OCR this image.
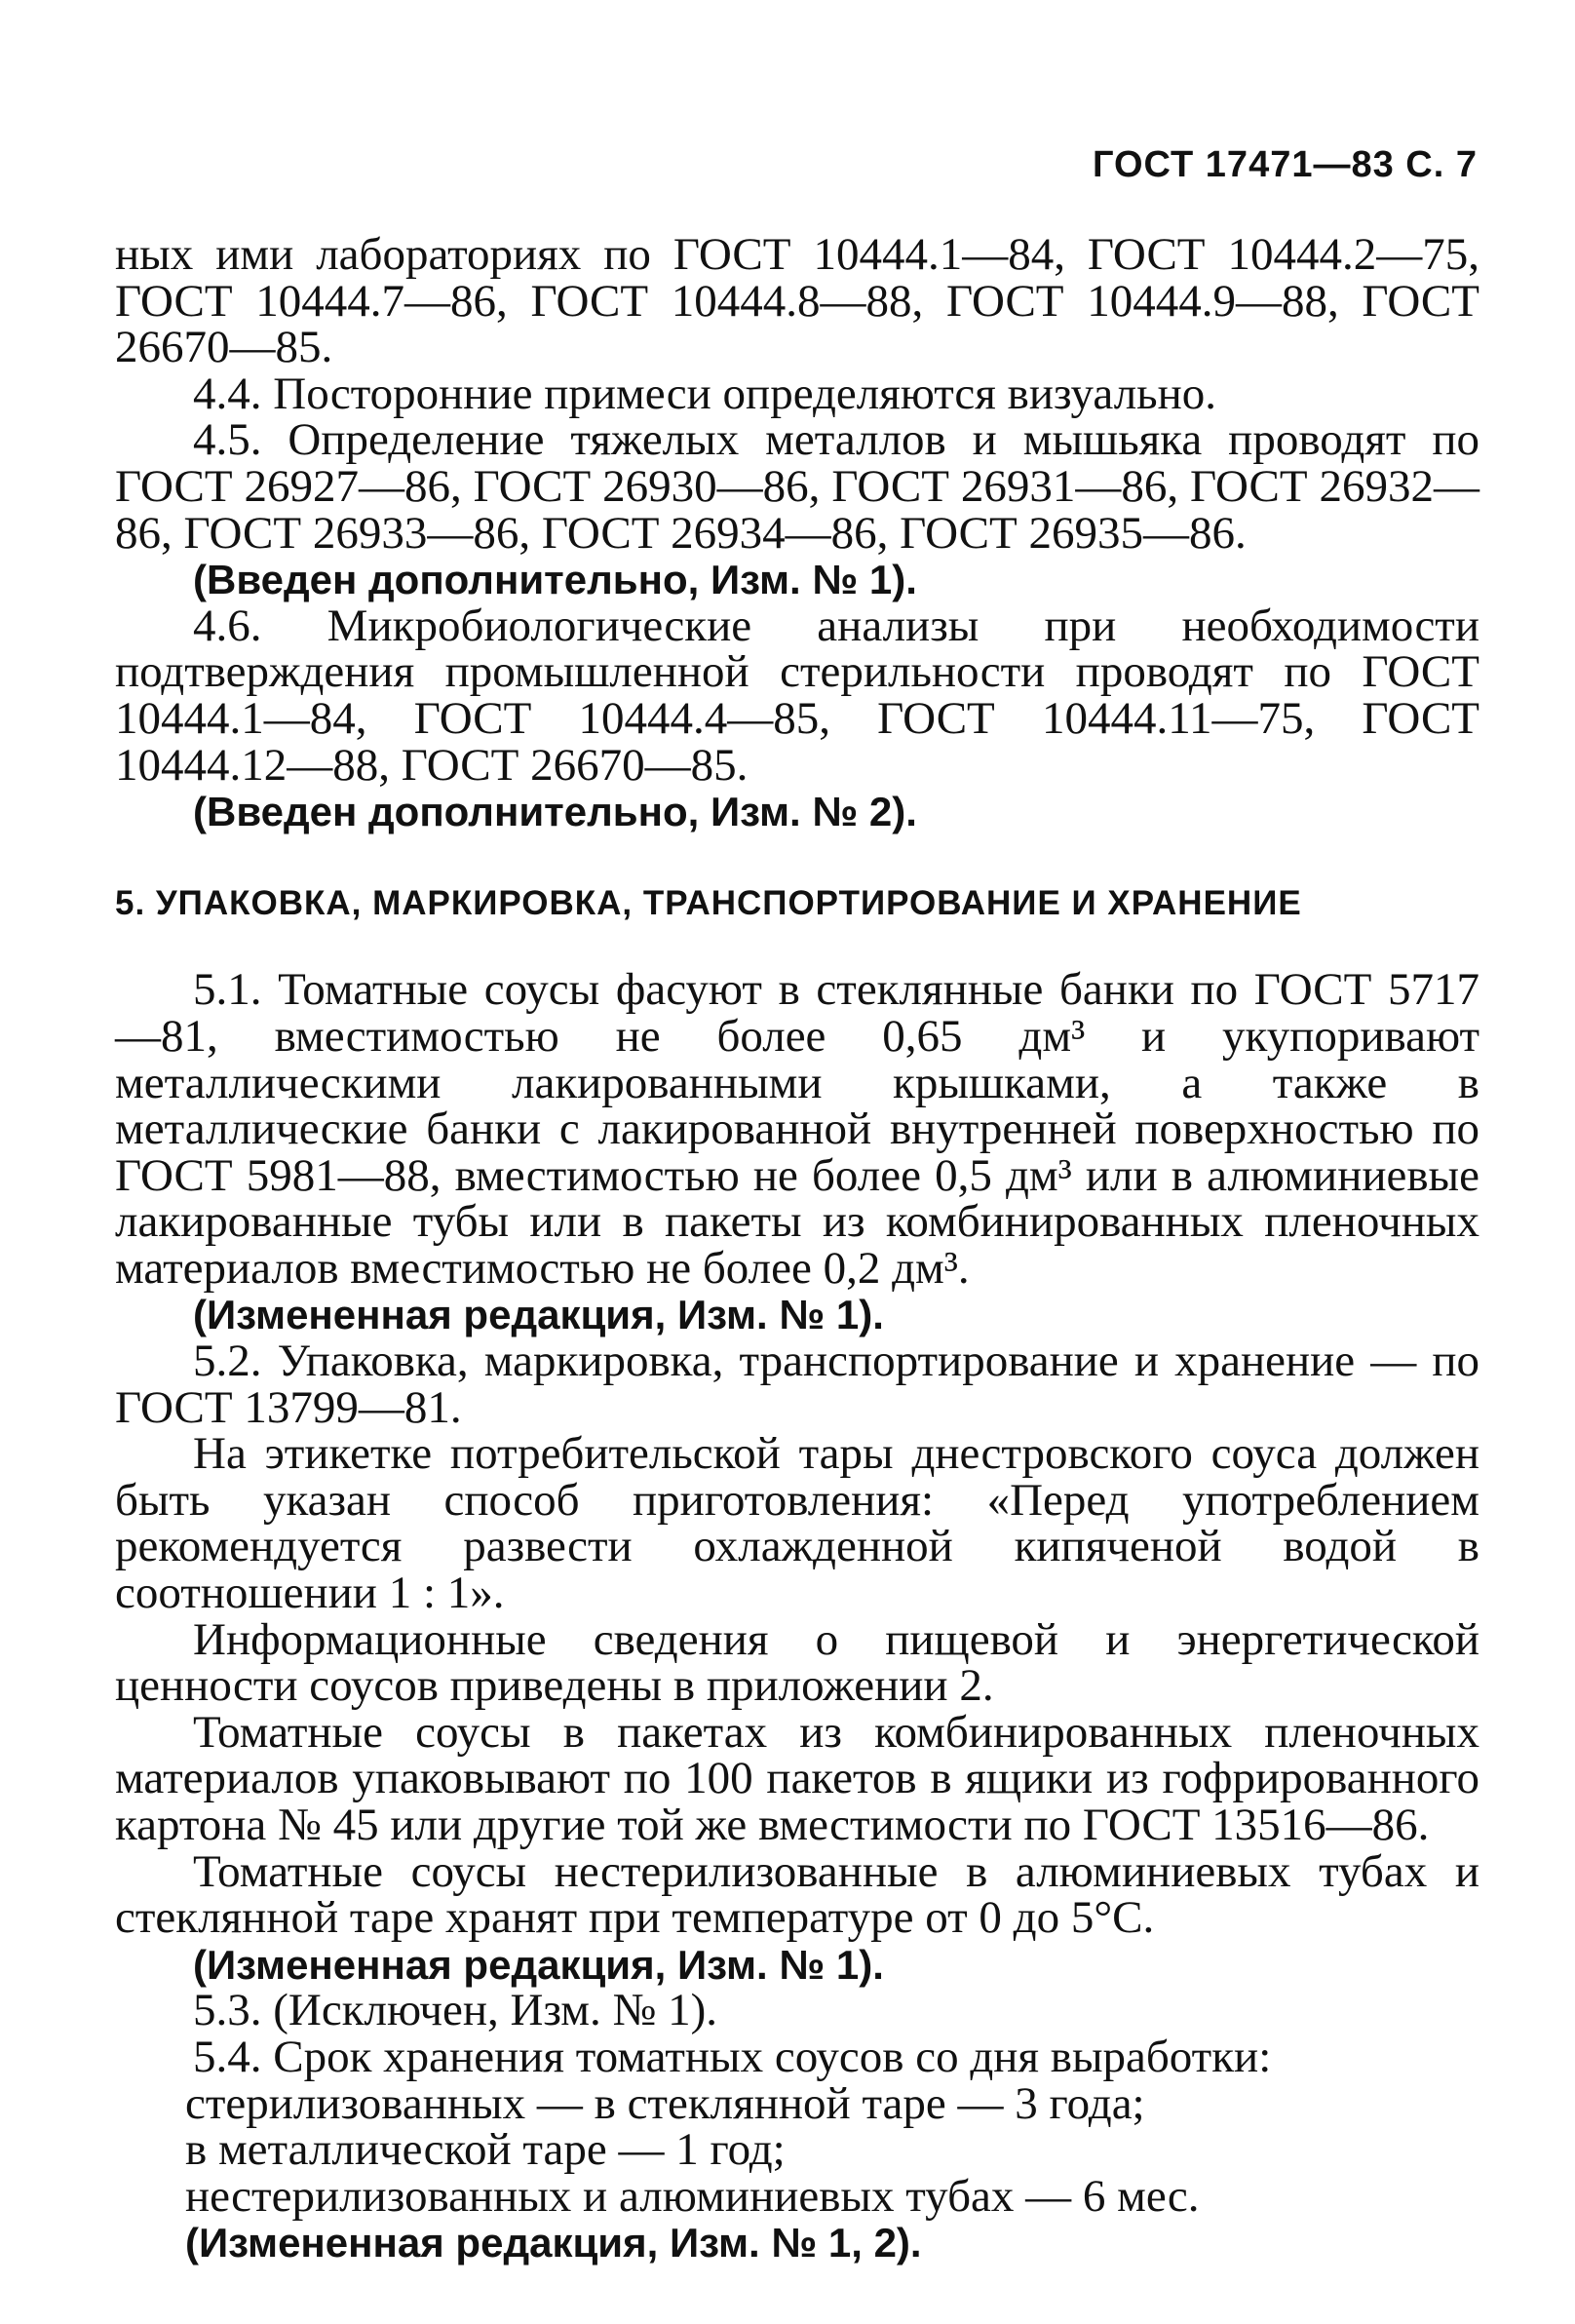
ГОСТ 17471—83 С. 7

ных ими лабораториях по ГОСТ 10444.1—84, ГОСТ 10444.2—75, ГОСТ 10444.7—86, ГОСТ 10444.8—88, ГОСТ 10444.9—88, ГОСТ 26670—85.

4.4. Посторонние примеси определяются визуально.

4.5. Определение тяжелых металлов и мышьяка проводят по ГОСТ 26927—86, ГОСТ 26930—86, ГОСТ 26931—86, ГОСТ 26932—86, ГОСТ 26933—86, ГОСТ 26934—86, ГОСТ 26935—86.

(Введен дополнительно, Изм. № 1).

4.6. Микробиологические анализы при необходимости подтверждения промышленной стерильности проводят по ГОСТ 10444.1—84, ГОСТ 10444.4—85, ГОСТ 10444.11—75, ГОСТ 10444.12—88, ГОСТ 26670—85.

(Введен дополнительно, Изм. № 2).

5. УПАКОВКА, МАРКИРОВКА, ТРАНСПОРТИРОВАНИЕ И ХРАНЕНИЕ

5.1. Томатные соусы фасуют в стеклянные банки по ГОСТ 5717—81, вместимостью не более 0,65 дм³ и укупоривают металлическими лакированными крышками, а также в металлические банки с лакированной внутренней поверхностью по ГОСТ 5981—88, вместимостью не более 0,5 дм³ или в алюминиевые лакированные тубы или в пакеты из комбинированных пленочных материалов вместимостью не более 0,2 дм³.

(Измененная редакция, Изм. № 1).

5.2. Упаковка, маркировка, транспортирование и хранение — по ГОСТ 13799—81.

На этикетке потребительской тары днестровского соуса должен быть указан способ приготовления: «Перед употреблением рекомендуется развести охлажденной кипяченой водой в соотношении 1 : 1».

Информационные сведения о пищевой и энергетической ценности соусов приведены в приложении 2.

Томатные соусы в пакетах из комбинированных пленочных материалов упаковывают по 100 пакетов в ящики из гофрированного картона № 45 или другие той же вместимости по ГОСТ 13516—86.

Томатные соусы нестерилизованные в алюминиевых тубах и стеклянной таре хранят при температуре от 0 до 5°С.

(Измененная редакция, Изм. № 1).

5.3. (Исключен, Изм. № 1).

5.4. Срок хранения томатных соусов со дня выработки:

стерилизованных — в стеклянной таре — 3 года;

в металлической таре — 1 год;

нестерилизованных и алюминиевых тубах — 6 мес.

(Измененная редакция, Изм. № 1, 2).
